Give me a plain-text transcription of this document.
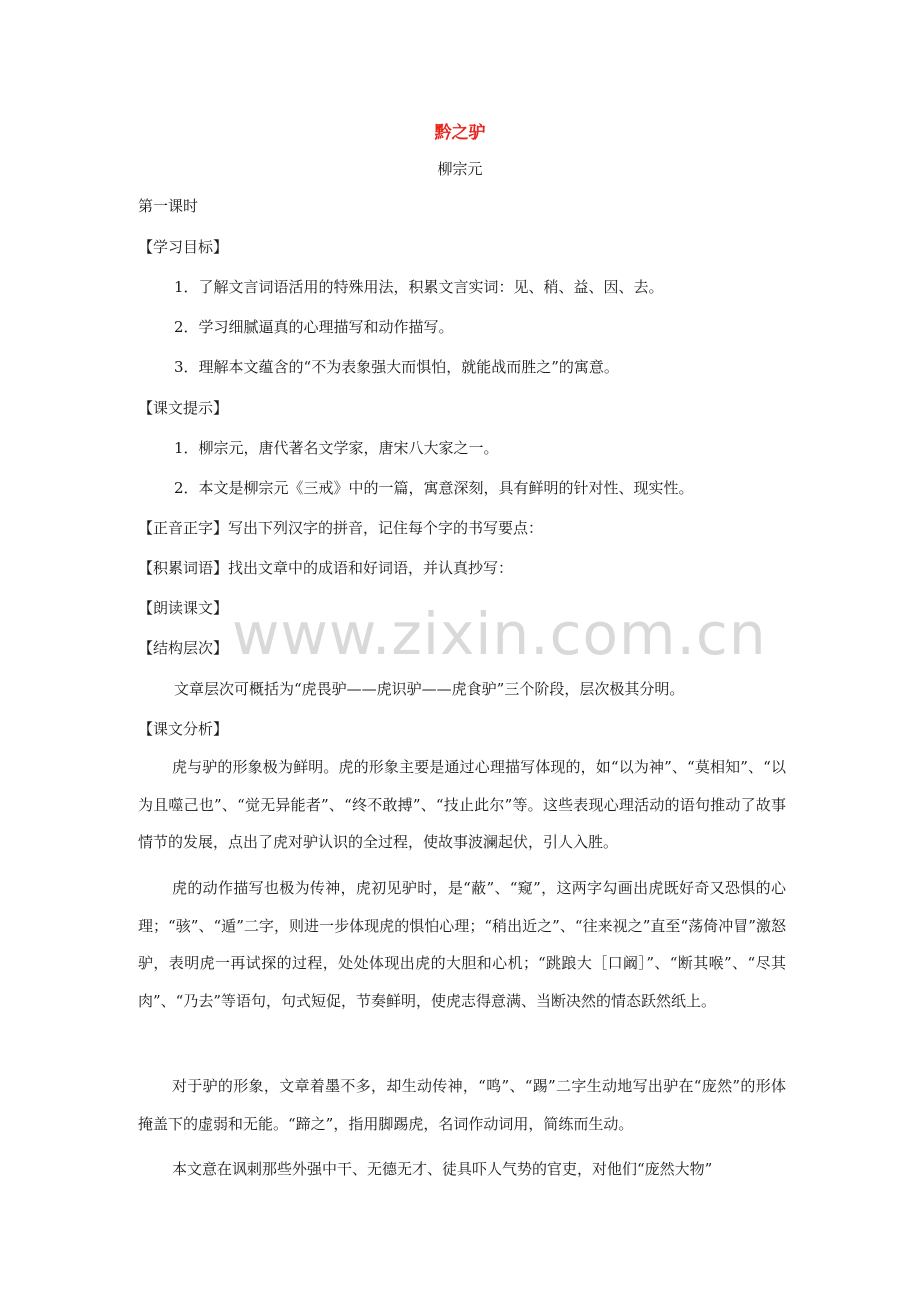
黔之驴
柳宗元
第一课时
【学习目标】
1．了解文言词语活用的特殊用法，积累文言实词：见、稍、益、因、去。
2．学习细腻逼真的心理描写和动作描写。
3．理解本文蕴含的“不为表象强大而惧怕，就能战而胜之”的寓意。
【课文提示】
1．柳宗元，唐代著名文学家，唐宋八大家之一。
2．本文是柳宗元《三戒》中的一篇，寓意深刻，具有鲜明的针对性、现实性。
【正音正字】写出下列汉字的拼音，记住每个字的书写要点：
【积累词语】找出文章中的成语和好词语，并认真抄写：
【朗读课文】
【结构层次】
文章层次可概括为“虎畏驴——虎识驴——虎食驴”三个阶段，层次极其分明。
【课文分析】
虎与驴的形象极为鲜明。虎的形象主要是通过心理描写体现的，如“以为神”、“莫相知”、“以为且噬己也”、“觉无异能者”、“终不敢搏”、“技止此尔”等。这些表现心理活动的语句推动了故事情节的发展，点出了虎对驴认识的全过程，使故事波澜起伏，引人入胜。
虎的动作描写也极为传神，虎初见驴时，是“蔽”、“窥”，这两字勾画出虎既好奇又恐惧的心理；“骇”、“遁”二字，则进一步体现虎的惧怕心理；“稍出近之”、“往来视之”直至“荡倚冲冒”激怒驴，表明虎一再试探的过程，处处体现出虎的大胆和心机；“跳踉大［口阚］”、“断其喉”、“尽其肉”、“乃去”等语句，句式短促，节奏鲜明，使虎志得意满、当断决然的情态跃然纸上。
对于驴的形象，文章着墨不多，却生动传神，“鸣”、“踢”二字生动地写出驴在“庞然”的形体掩盖下的虚弱和无能。“蹄之”，指用脚踢虎，名词作动词用，简练而生动。
本文意在讽刺那些外强中干、无德无才、徒具吓人气势的官吏，对他们“庞然大物”
www.zixin.com.cn
